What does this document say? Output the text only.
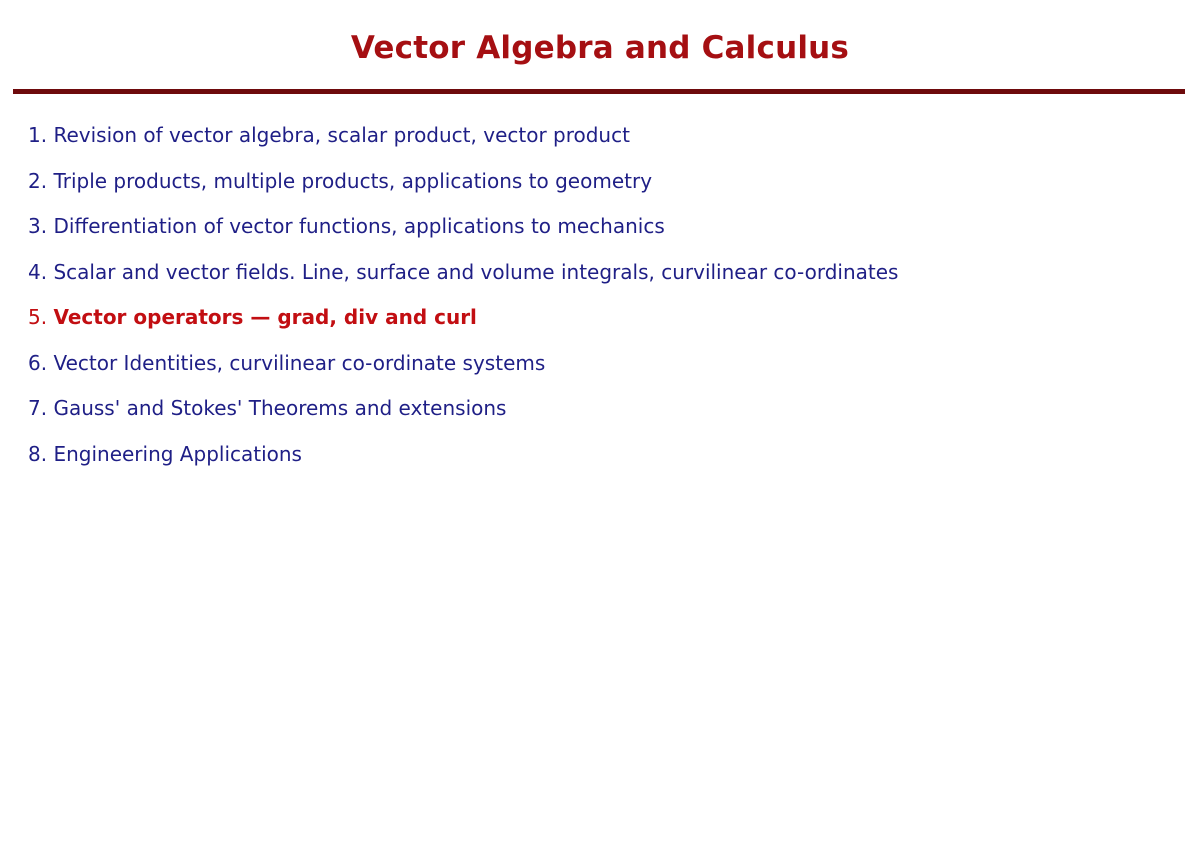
Vector Algebra and Calculus
1. Revision of vector algebra, scalar product, vector product
2. Triple products, multiple products, applications to geometry
3. Differentiation of vector functions, applications to mechanics
4. Scalar and vector fields. Line, surface and volume integrals, curvilinear co-ordinates
5. Vector operators — grad, div and curl
6. Vector Identities, curvilinear co-ordinate systems
7. Gauss' and Stokes' Theorems and extensions
8. Engineering Applications
